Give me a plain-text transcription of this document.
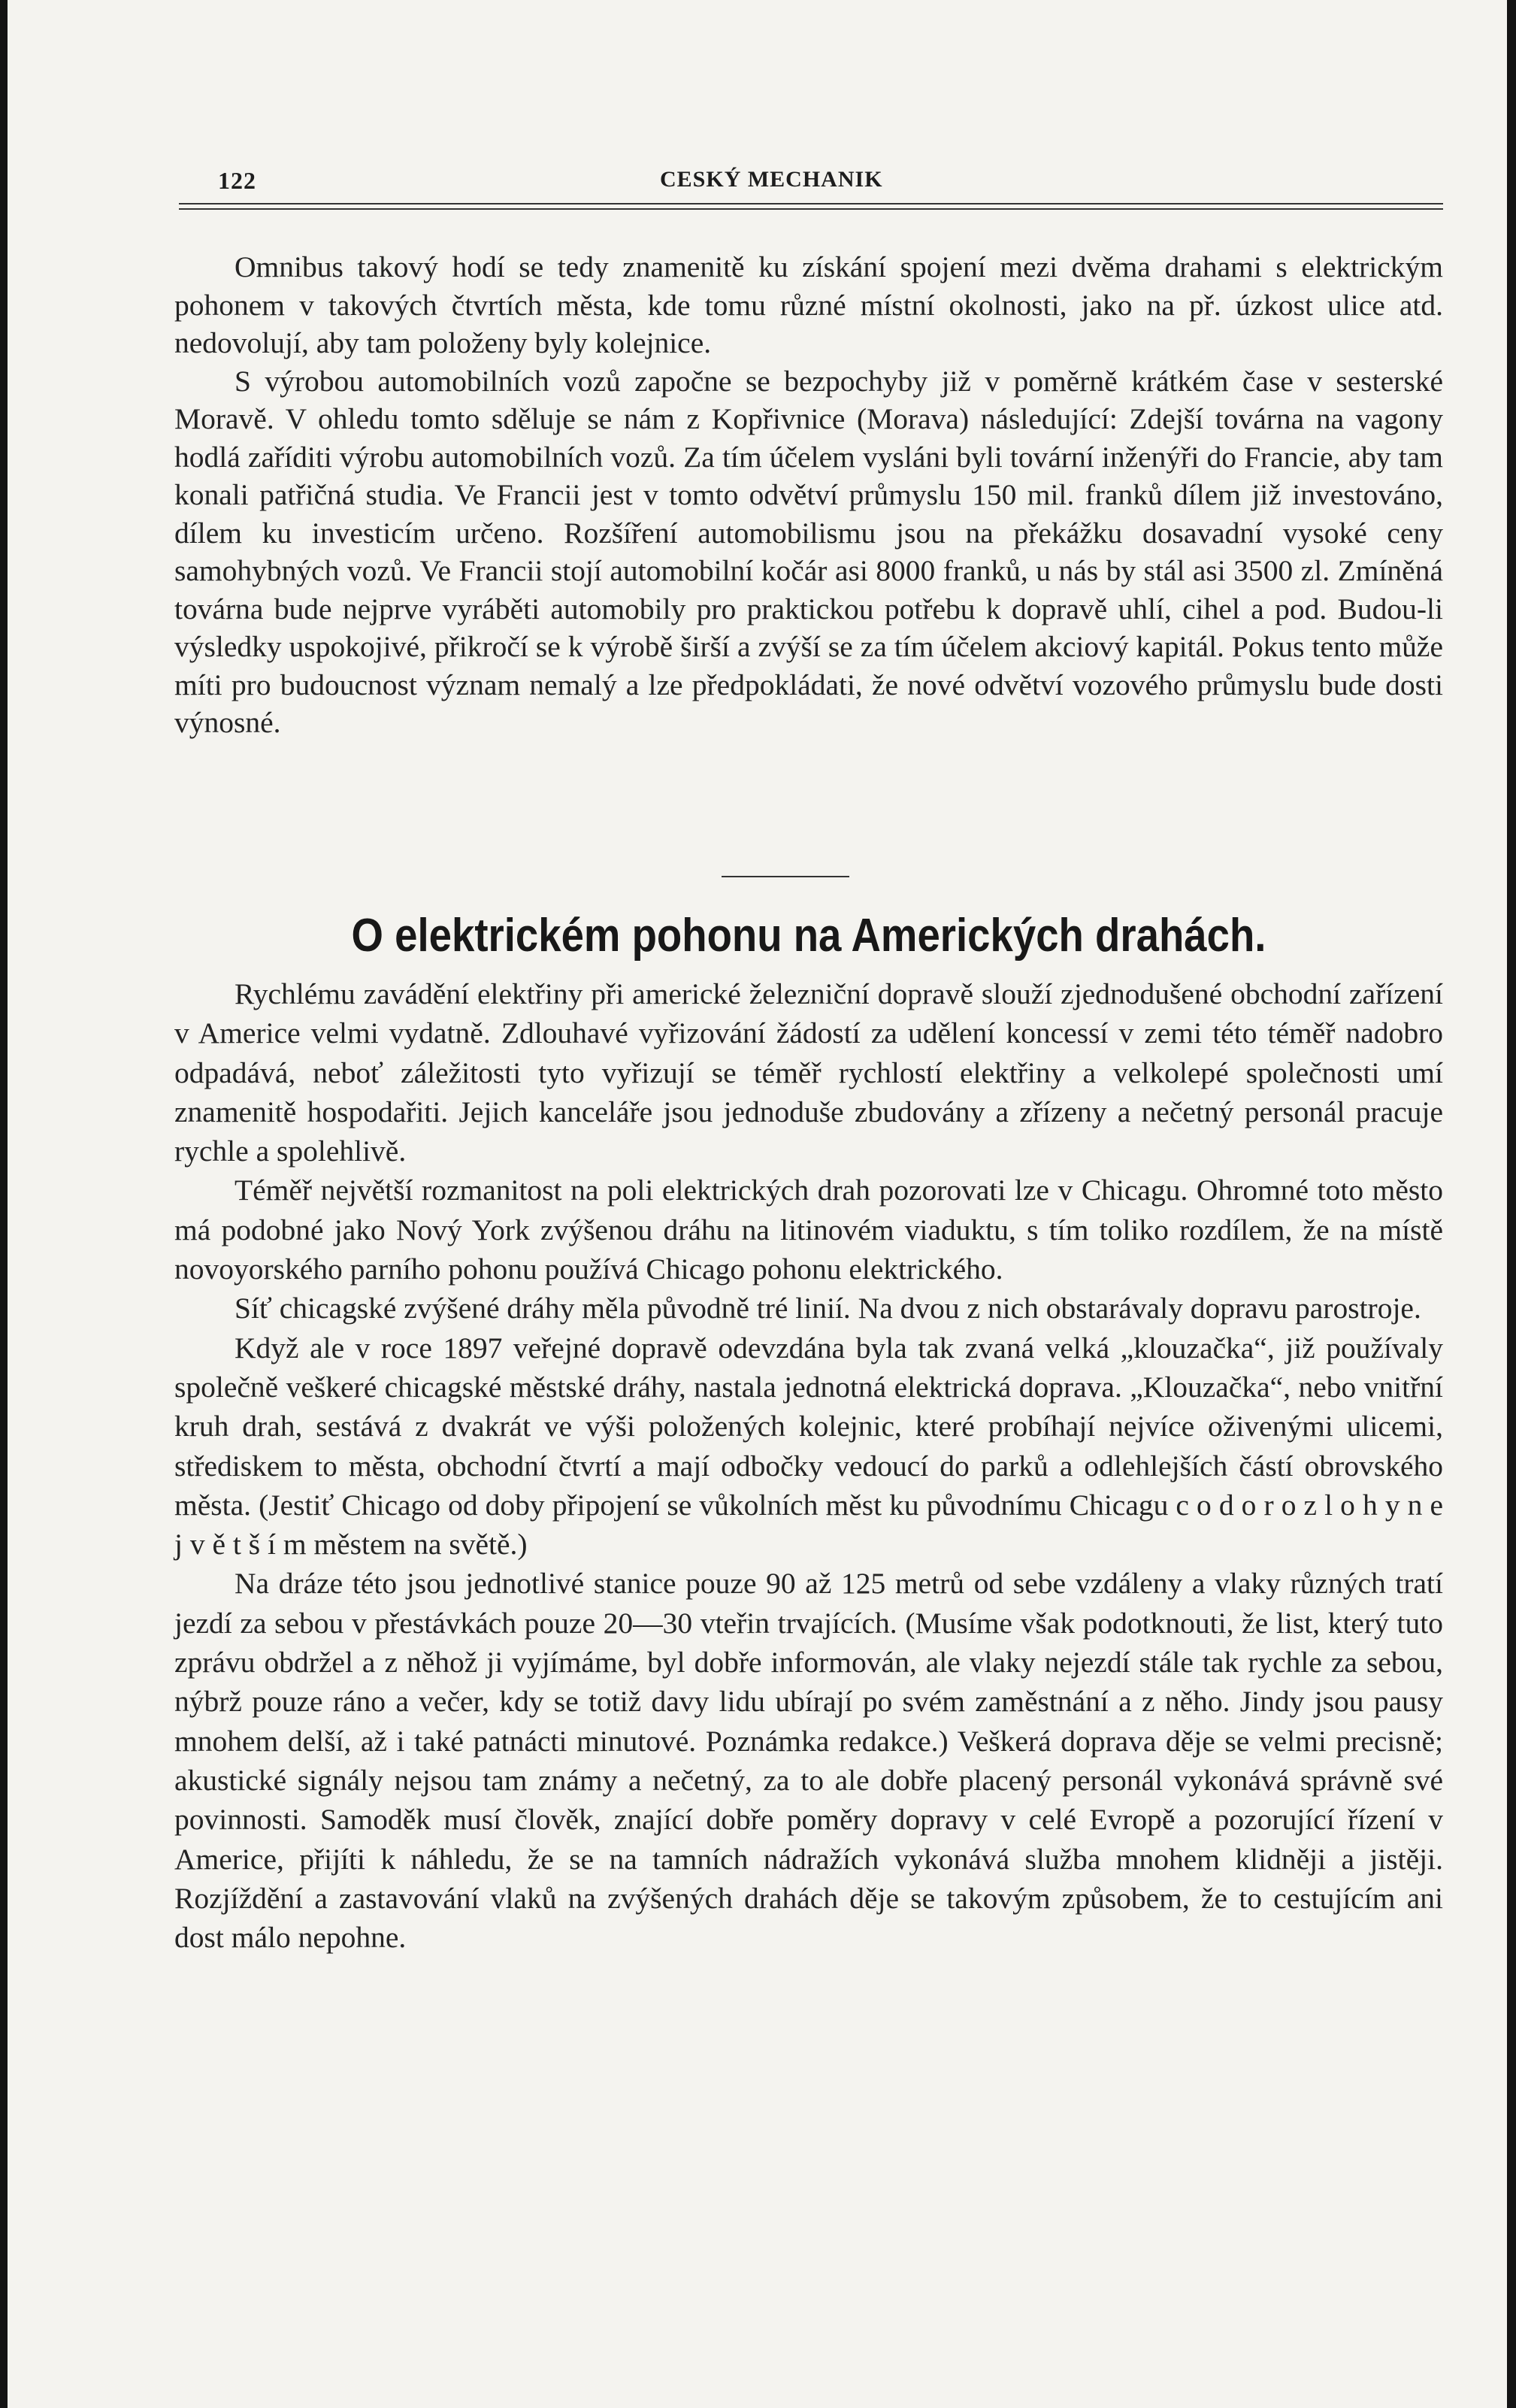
122	CESKÝ MECHANIK

Omnibus takový hodí se tedy znamenitě ku získání spojení mezi dvěma drahami s elektrickým pohonem v takových čtvrtích města, kde tomu různé místní okolnosti, jako na př. úzkost ulice atd. nedovolují, aby tam položeny byly kolejnice.

S výrobou automobilních vozů započne se bezpochyby již v poměrně krátkém čase v sesterské Moravě. V ohledu tomto sděluje se nám z Kopřivnice (Morava) následující: Zdejší továrna na vagony hodlá zaříditi výrobu automobilních vozů. Za tím účelem vysláni byli tovární inženýři do Francie, aby tam konali patřičná studia. Ve Francii jest v tomto odvětví průmyslu 150 mil. franků dílem již investováno, dílem ku investicím určeno. Rozšíření automobilismu jsou na překážku dosavadní vysoké ceny samohybných vozů. Ve Francii stojí automobilní kočár asi 8000 franků, u nás by stál asi 3500 zl. Zmíněná továrna bude nejprve vyráběti automobily pro praktickou potřebu k dopravě uhlí, cihel a pod. Budou-li výsledky uspokojivé, přikročí se k výrobě širší a zvýší se za tím účelem akciový kapitál. Pokus tento může míti pro budoucnost význam nemalý a lze předpokládati, že nové odvětví vozového průmyslu bude dosti výnosné.

O elektrickém pohonu na Amerických drahách.

Rychlému zavádění elektřiny při americké železniční dopravě slouží zjednodušené obchodní zařízení v Americe velmi vydatně. Zdlouhavé vyřizování žádostí za udělení koncessí v zemi této téměř nadobro odpadává, neboť záležitosti tyto vyřizují se téměř rychlostí elektřiny a velkolepé společnosti umí znamenitě hospodařiti. Jejich kanceláře jsou jednoduše zbudovány a zřízeny a nečetný personál pracuje rychle a spolehlivě.

Téměř největší rozmanitost na poli elektrických drah pozorovati lze v Chicagu. Ohromné toto město má podobné jako Nový York zvýšenou dráhu na litinovém viaduktu, s tím toliko rozdílem, že na místě novoyorského parního pohonu používá Chicago pohonu elektrického.

Síť chicagské zvýšené dráhy měla původně tré linií. Na dvou z nich obstarávaly dopravu parostroje.

Když ale v roce 1897 veřejné dopravě odevzdána byla tak zvaná velká „klouzačka“, již používaly společně veškeré chicagské městské dráhy, nastala jednotná elektrická doprava. „Klouzačka“, nebo vnitřní kruh drah, sestává z dvakrát ve výši položených kolejnic, které probíhají nejvíce oživenými ulicemi, střediskem to města, obchodní čtvrtí a mají odbočky vedoucí do parků a odlehlejších částí obrovského města. (Jestiť Chicago od doby připojení se vůkolních měst ku původnímu Chicagu c o d o r o z l o h y n e j v ě t š í m městem na světě.)

Na dráze této jsou jednotlivé stanice pouze 90 až 125 metrů od sebe vzdáleny a vlaky různých tratí jezdí za sebou v přestávkách pouze 20—30 vteřin trvajících. (Musíme však podotknouti, že list, který tuto zprávu obdržel a z něhož ji vyjímáme, byl dobře informován, ale vlaky nejezdí stále tak rychle za sebou, nýbrž pouze ráno a večer, kdy se totiž davy lidu ubírají po svém zaměstnání a z něho. Jindy jsou pausy mnohem delší, až i také patnácti minutové. Poznámka redakce.) Veškerá doprava děje se velmi precisně; akustické signály nejsou tam známy a nečetný, za to ale dobře placený personál vykonává správně své povinnosti. Samoděk musí člověk, znající dobře poměry dopravy v celé Evropě a pozorující řízení v Americe, přijíti k náhledu, že se na tamních nádražích vykonává služba mnohem klidněji a jistěji. Rozjíždění a zastavování vlaků na zvýšených drahách děje se takovým způsobem, že to cestujícím ani dost málo nepohne.
